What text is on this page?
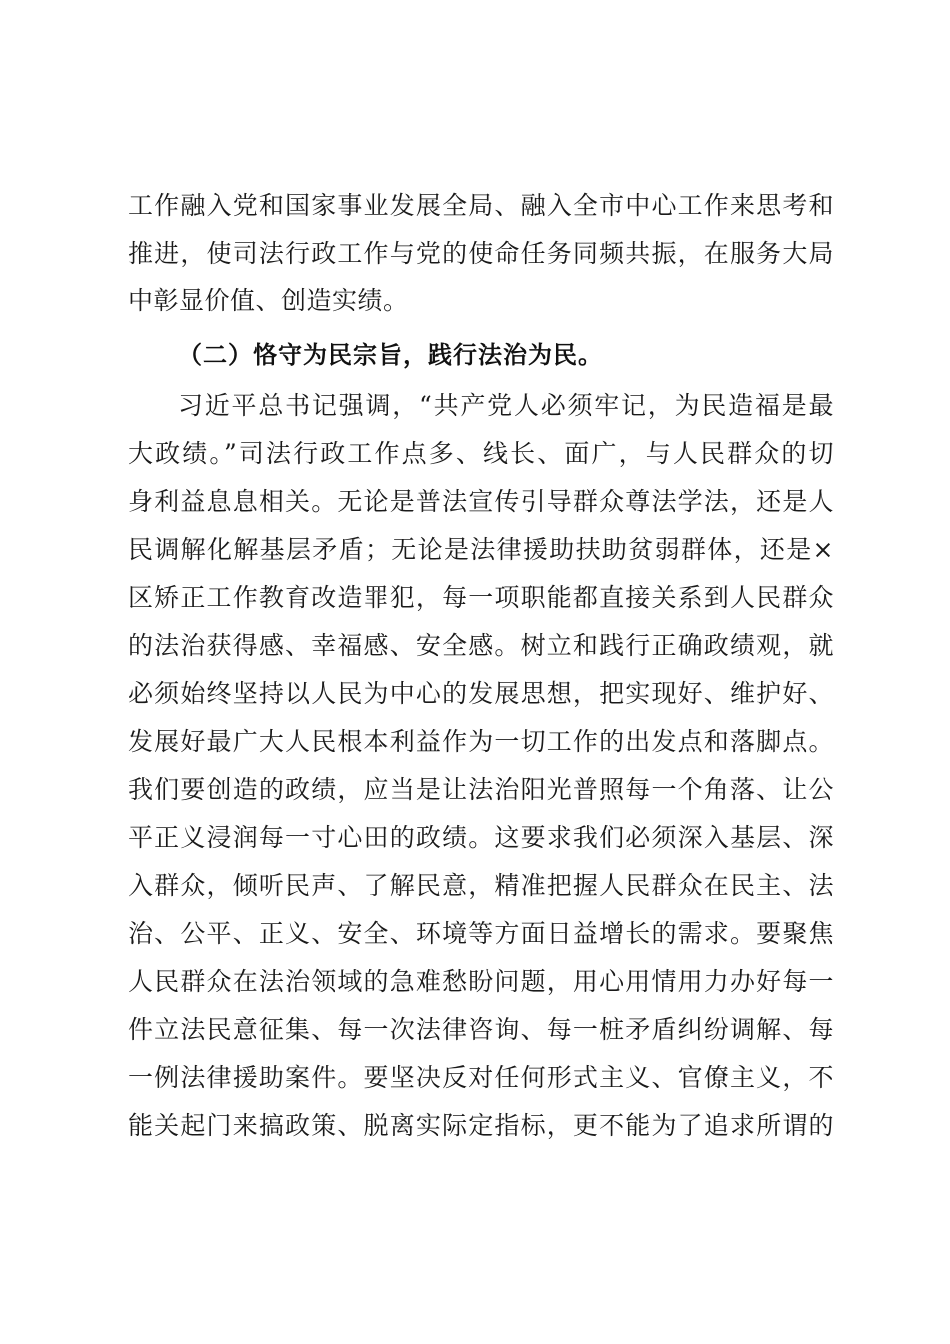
工作融入党和国家事业发展全局、融入全市中心工作来思考和
推进，使司法行政工作与党的使命任务同频共振，在服务大局
中彰显价值、创造实绩。
（二）恪守为民宗旨，践行法治为民。
习近平总书记强调，“共产党人必须牢记，为民造福是最
大政绩。”司法行政工作点多、线长、面广，与人民群众的切
身利益息息相关。无论是普法宣传引导群众尊法学法，还是人
民调解化解基层矛盾；无论是法律援助扶助贫弱群体，还是×
区矫正工作教育改造罪犯，每一项职能都直接关系到人民群众
的法治获得感、幸福感、安全感。树立和践行正确政绩观，就
必须始终坚持以人民为中心的发展思想，把实现好、维护好、
发展好最广大人民根本利益作为一切工作的出发点和落脚点。
我们要创造的政绩，应当是让法治阳光普照每一个角落、让公
平正义浸润每一寸心田的政绩。这要求我们必须深入基层、深
入群众，倾听民声、了解民意，精准把握人民群众在民主、法
治、公平、正义、安全、环境等方面日益增长的需求。要聚焦
人民群众在法治领域的急难愁盼问题，用心用情用力办好每一
件立法民意征集、每一次法律咨询、每一桩矛盾纠纷调解、每
一例法律援助案件。要坚决反对任何形式主义、官僚主义，不
能关起门来搞政策、脱离实际定指标，更不能为了追求所谓的
